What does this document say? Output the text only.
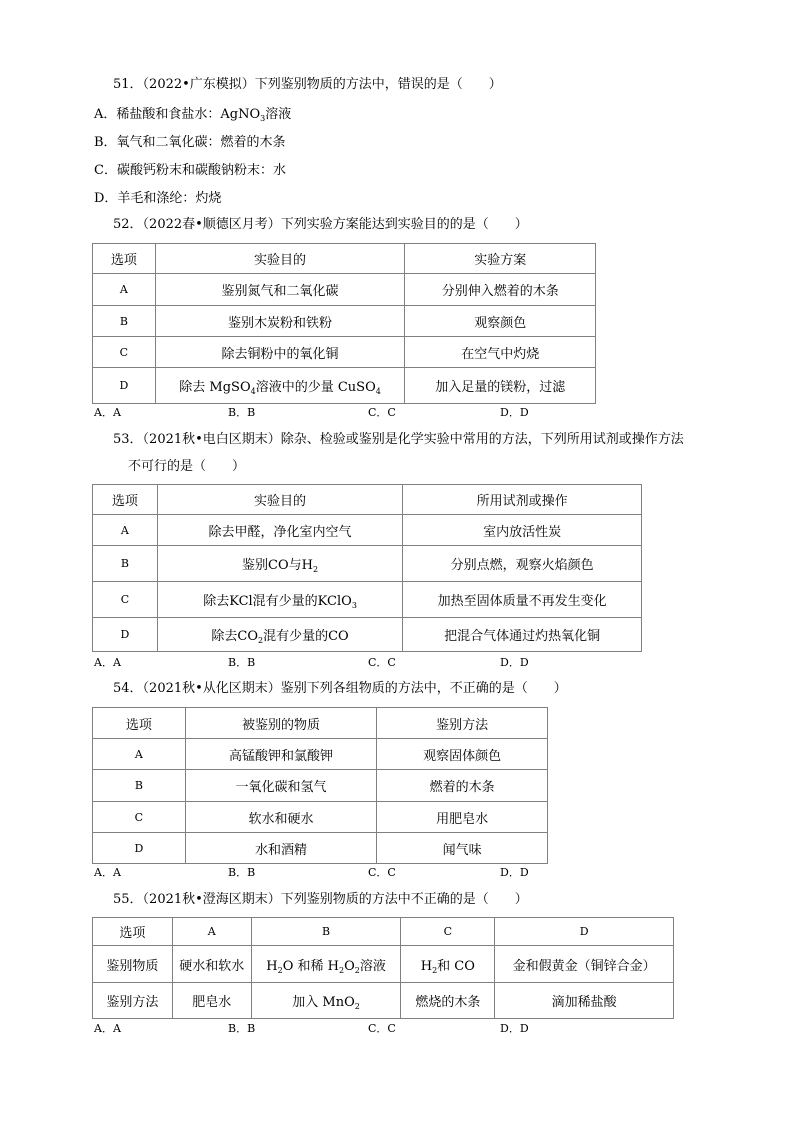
51．（2022•广东模拟）下列鉴别物质的方法中，错误的是（　　）
A．稀盐酸和食盐水：AgNO$_3$溶液
B．氧气和二氧化碳：燃着的木条
C．碳酸钙粉末和碳酸钠粉末：水
D．羊毛和涤纶：灼烧
52．（2022春•顺德区月考）下列实验方案能达到实验目的的是（　　）
选项	实验目的	实验方案
A	鉴别氮气和二氧化碳	分别伸入燃着的木条
B	鉴别木炭粉和铁粉	观察颜色
C	除去铜粉中的氧化铜	在空气中灼烧
D	除去 MgSO$_4$溶液中的少量 CuSO$_4$	加入足量的镁粉，过滤
A．A	B．B	C．C	D．D
53．（2021秋•电白区期末）除杂、检验或鉴别是化学实验中常用的方法，下列所用试剂或操作方法
不可行的是（　　）
选项	实验目的	所用试剂或操作
A	除去甲醛，净化室内空气	室内放活性炭
B	鉴别CO与$H_2$	分别点燃，观察火焰颜色
C	除去KCl混有少量的KClO$_3$	加热至固体质量不再发生变化
D	除去$CO_2$混有少量的CO	把混合气体通过灼热氧化铜
A．A	B．B	C．C	D．D
54．（2021秋•从化区期末）鉴别下列各组物质的方法中，不正确的是（　　）
选项	被鉴别的物质	鉴别方法
A	高锰酸钾和氯酸钾	观察固体颜色
B	一氧化碳和氢气	燃着的木条
C	软水和硬水	用肥皂水
D	水和酒精	闻气味
A．A	B．B	C．C	D．D
55．（2021秋•澄海区期末）下列鉴别物质的方法中不正确的是（　　）
选项	A	B	C	D
鉴别物质	硬水和软水	$H_2O$ 和稀 $H_2O_2$溶液	$H_2$和 CO	金和假黄金（铜锌合金）
鉴别方法	肥皂水	加入 MnO$_2$	燃烧的木条	滴加稀盐酸
A．A	B．B	C．C	D．D
